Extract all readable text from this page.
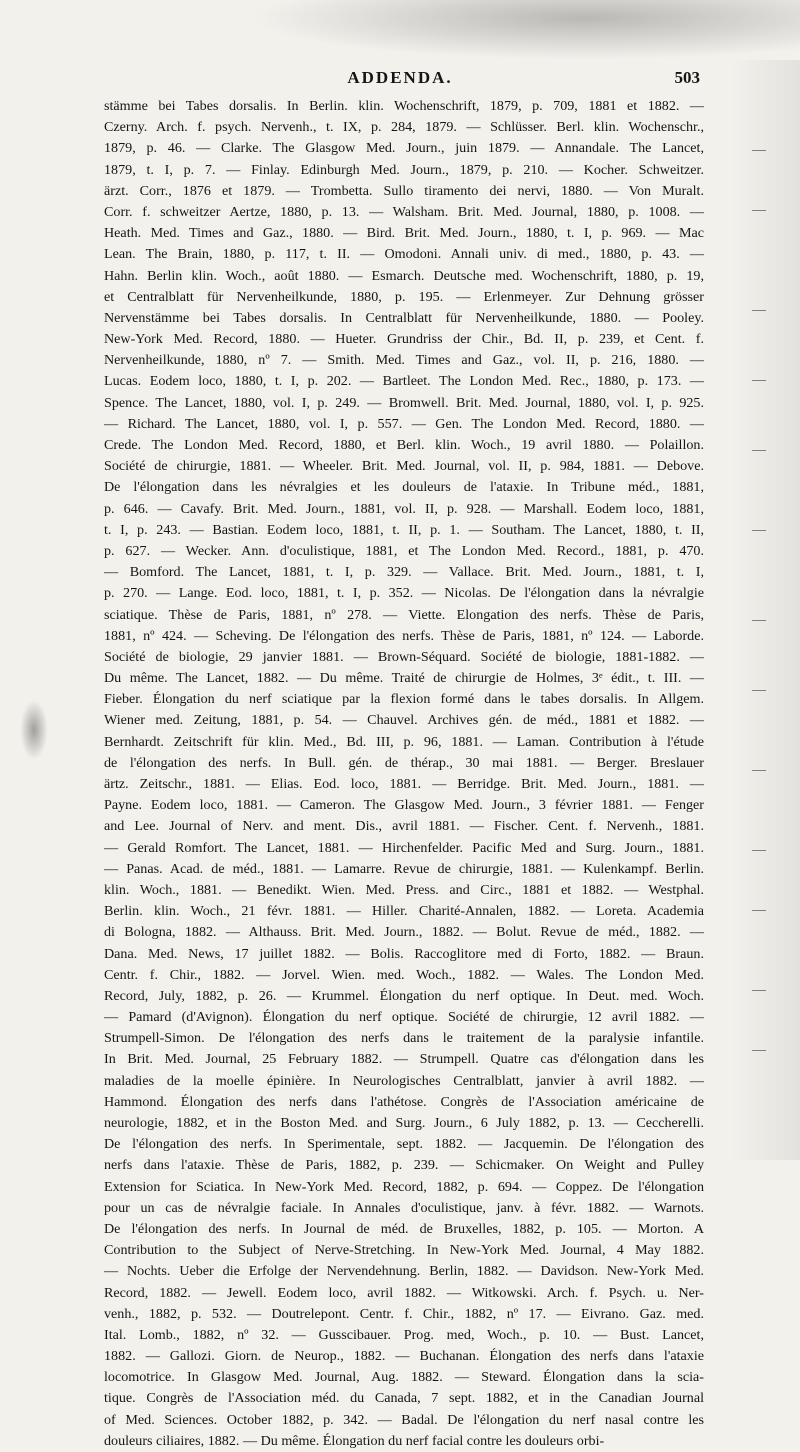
ADDENDA.	503
stämme bei Tabes dorsalis. In Berlin. klin. Wochenschrift, 1879, p. 709, 1881 et 1882. —
Czerny. Arch. f. psych. Nervenh., t. IX, p. 284, 1879. — Schlüsser. Berl. klin. Wochenschr.,
1879, p. 46. — Clarke. The Glasgow Med. Journ., juin 1879. — Annandale. The Lancet,
1879, t. I, p. 7. — Finlay. Edinburgh Med. Journ., 1879, p. 210. — Kocher. Schweitzer.
ärzt. Corr., 1876 et 1879. — Trombetta. Sullo tiramento dei nervi, 1880. — Von Muralt.
Corr. f. schweitzer Aertze, 1880, p. 13. — Walsham. Brit. Med. Journal, 1880, p. 1008. —
Heath. Med. Times and Gaz., 1880. — Bird. Brit. Med. Journ., 1880, t. I, p. 969. — Mac
Lean. The Brain, 1880, p. 117, t. II. — Omodoni. Annali univ. di med., 1880, p. 43. —
Hahn. Berlin klin. Woch., août 1880. — Esmarch. Deutsche med. Wochenschrift, 1880, p. 19,
et Centralblatt für Nervenheilkunde, 1880, p. 195. — Erlenmeyer. Zur Dehnung grösser
Nervenstämme bei Tabes dorsalis. In Centralblatt für Nervenheilkunde, 1880. — Pooley.
New-York Med. Record, 1880. — Hueter. Grundriss der Chir., Bd. II, p. 239, et Cent. f.
Nervenheilkunde, 1880, nº 7. — Smith. Med. Times and Gaz., vol. II, p. 216, 1880. —
Lucas. Eodem loco, 1880, t. I, p. 202. — Bartleet. The London Med. Rec., 1880, p. 173. —
Spence. The Lancet, 1880, vol. I, p. 249. — Bromwell. Brit. Med. Journal, 1880, vol. I, p. 925.
— Richard. The Lancet, 1880, vol. I, p. 557. — Gen. The London Med. Record, 1880. —
Crede. The London Med. Record, 1880, et Berl. klin. Woch., 19 avril 1880. — Polaillon.
Société de chirurgie, 1881. — Wheeler. Brit. Med. Journal, vol. II, p. 984, 1881. — Debove.
De l'élongation dans les névralgies et les douleurs de l'ataxie. In Tribune méd., 1881,
p. 646. — Cavafy. Brit. Med. Journ., 1881, vol. II, p. 928. — Marshall. Eodem loco, 1881,
t. I, p. 243. — Bastian. Eodem loco, 1881, t. II, p. 1. — Southam. The Lancet, 1880, t. II,
p. 627. — Wecker. Ann. d'oculistique, 1881, et The London Med. Record., 1881, p. 470.
— Bomford. The Lancet, 1881, t. I, p. 329. — Vallace. Brit. Med. Journ., 1881, t. I,
p. 270. — Lange. Eod. loco, 1881, t. I, p. 352. — Nicolas. De l'élongation dans la névralgie
sciatique. Thèse de Paris, 1881, nº 278. — Viette. Elongation des nerfs. Thèse de Paris,
1881, nº 424. — Scheving. De l'élongation des nerfs. Thèse de Paris, 1881, nº 124. — Laborde.
Société de biologie, 29 janvier 1881. — Brown-Séquard. Société de biologie, 1881-1882. —
Du même. The Lancet, 1882. — Du même. Traité de chirurgie de Holmes, 3ᵉ édit., t. III. —
Fieber. Élongation du nerf sciatique par la flexion formé dans le tabes dorsalis. In Allgem.
Wiener med. Zeitung, 1881, p. 54. — Chauvel. Archives gén. de méd., 1881 et 1882. —
Bernhardt. Zeitschrift für klin. Med., Bd. III, p. 96, 1881. — Laman. Contribution à l'étude
de l'élongation des nerfs. In Bull. gén. de thérap., 30 mai 1881. — Berger. Breslauer
ärtz. Zeitschr., 1881. — Elias. Eod. loco, 1881. — Berridge. Brit. Med. Journ., 1881. —
Payne. Eodem loco, 1881. — Cameron. The Glasgow Med. Journ., 3 février 1881. — Fenger
and Lee. Journal of Nerv. and ment. Dis., avril 1881. — Fischer. Cent. f. Nervenh., 1881.
— Gerald Romfort. The Lancet, 1881. — Hirchenfelder. Pacific Med and Surg. Journ., 1881.
— Panas. Acad. de méd., 1881. — Lamarre. Revue de chirurgie, 1881. — Kulenkampf. Berlin.
klin. Woch., 1881. — Benedikt. Wien. Med. Press. and Circ., 1881 et 1882. — Westphal.
Berlin. klin. Woch., 21 févr. 1881. — Hiller. Charité-Annalen, 1882. — Loreta. Academia
di Bologna, 1882. — Althauss. Brit. Med. Journ., 1882. — Bolut. Revue de méd., 1882. —
Dana. Med. News, 17 juillet 1882. — Bolis. Raccoglitore med di Forto, 1882. — Braun.
Centr. f. Chir., 1882. — Jorvel. Wien. med. Woch., 1882. — Wales. The London Med.
Record, July, 1882, p. 26. — Krummel. Élongation du nerf optique. In Deut. med. Woch.
— Pamard (d'Avignon). Élongation du nerf optique. Société de chirurgie, 12 avril 1882. —
Strumpell-Simon. De l'élongation des nerfs dans le traitement de la paralysie infantile.
In Brit. Med. Journal, 25 February 1882. — Strumpell. Quatre cas d'élongation dans les
maladies de la moelle épinière. In Neurologisches Centralblatt, janvier à avril 1882. —
Hammond. Élongation des nerfs dans l'athétose. Congrès de l'Association américaine de
neurologie, 1882, et in the Boston Med. and Surg. Journ., 6 July 1882, p. 13. — Ceccherelli.
De l'élongation des nerfs. In Sperimentale, sept. 1882. — Jacquemin. De l'élongation des
nerfs dans l'ataxie. Thèse de Paris, 1882, p. 239. — Schicmaker. On Weight and Pulley
Extension for Sciatica. In New-York Med. Record, 1882, p. 694. — Coppez. De l'élongation
pour un cas de névralgie faciale. In Annales d'oculistique, janv. à févr. 1882. — Warnots.
De l'élongation des nerfs. In Journal de méd. de Bruxelles, 1882, p. 105. — Morton. A
Contribution to the Subject of Nerve-Stretching. In New-York Med. Journal, 4 May 1882.
— Nochts. Ueber die Erfolge der Nervendehnung. Berlin, 1882. — Davidson. New-York Med.
Record, 1882. — Jewell. Eodem loco, avril 1882. — Witkowski. Arch. f. Psych. u. Ner-
venh., 1882, p. 532. — Doutrelepont. Centr. f. Chir., 1882, nº 17. — Eivrano. Gaz. med.
Ital. Lomb., 1882, nº 32. — Gusscibauer. Prog. med, Woch., p. 10. — Bust. Lancet,
1882. — Gallozi. Giorn. de Neurop., 1882. — Buchanan. Élongation des nerfs dans l'ataxie
locomotrice. In Glasgow Med. Journal, Aug. 1882. — Steward. Élongation dans la scia-
tique. Congrès de l'Association méd. du Canada, 7 sept. 1882, et in the Canadian Journal
of Med. Sciences. October 1882, p. 342. — Badal. De l'élongation du nerf nasal contre les
douleurs ciliaires, 1882. — Du même. Élongation du nerf facial contre les douleurs orbi-
